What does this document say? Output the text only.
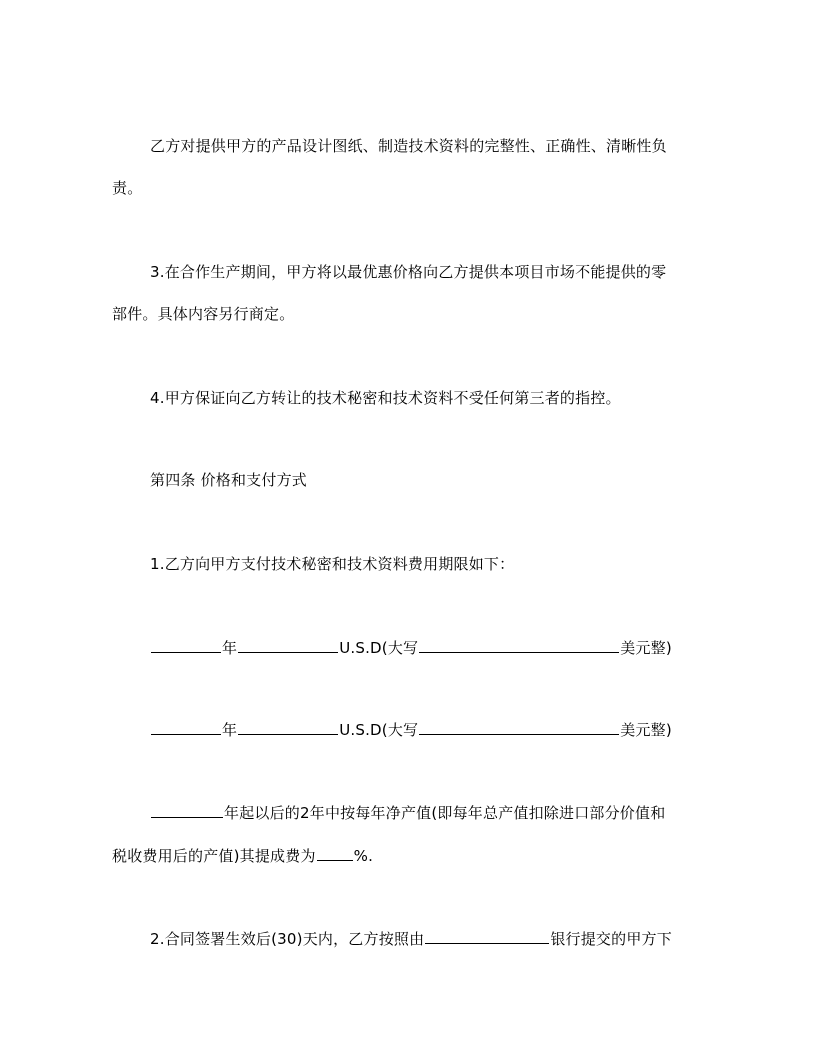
乙方对提供甲方的产品设计图纸、制造技术资料的完整性、正确性、清晰性负
责。
3.在合作生产期间，甲方将以最优惠价格向乙方提供本项目市场不能提供的零
部件。具体内容另行商定。
4.甲方保证向乙方转让的技术秘密和技术资料不受任何第三者的指控。
第四条 价格和支付方式
1.乙方向甲方支付技术秘密和技术资料费用期限如下：
年	U.S.D(大写	美元整)
年	U.S.D(大写	美元整)
年起以后的2年中按每年净产值(即每年总产值扣除进口部分价值和
税收费用后的产值)其提成费为	%.
2.合同签署生效后(30)天内，乙方按照由	银行提交的甲方下
